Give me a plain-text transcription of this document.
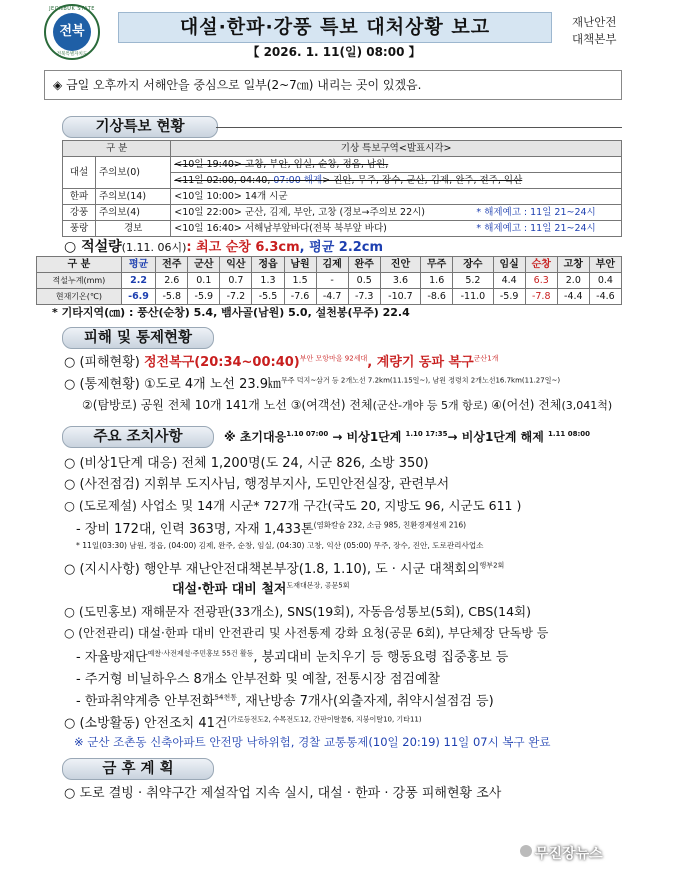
JEONBUK STATE
전북
전북특별자치도
대설·한파·강풍 특보 대처상황 보고
【 2026. 1. 11(일) 08:00 】
재난안전
대책본부
◈ 금일 오후까지 서해안을 중심으로 일부(2~7㎝) 내리는 곳이 있겠음.
기상특보 현황
구 분		기상 특보구역<발표시각>	
대설	주의보(0)	<10일 19:40> 고창, 부안, 임실, 순창, 정읍, 남원,	
		<11일 02:00, 04:40, 07:00 해제> 진안, 무주, 장수, 군산, 김제, 완주, 전주, 익산	
한파	주의보(14)	<10일 10:00> 14개 시군	
강풍	주의보(4)	<10일 22:00> 군산, 김제, 부안, 고창 (경보→주의보 22시)	* 해제예고 : 11일 21~24시
풍랑	경보	<10일 16:40> 서해남부앞바다(전북 북부앞 바다)	* 해제예고 : 11일 21~24시
○ 적설량(1.11. 06시): 최고 순창 6.3cm, 평균 2.2cm
구 분	평균	전주	군산	익산	정읍	남원	김제	완주	진안	무주	장수	임실	순창	고창	부안
적설누계(mm)	2.2	2.6	0.1	0.7	1.3	1.5	-	0.5	3.6	1.6	5.2	4.4	6.3	2.0	0.4
현재기온(℃)	-6.9	-5.8	-5.9	-7.2	-5.5	-7.6	-4.7	-7.3	-10.7	-8.6	-11.0	-5.9	-7.8	-4.4	-4.6
* 기타지역(㎝) : 풍산(순창) 5.4, 뱀사골(남원) 5.0, 설천봉(무주) 22.4
피해 및 통제현황
○ (피해현황) 정전복구(20:34~00:40)$^{부안 모항마을 92세대}$, 계량기 동파 복구$^{군산1개}$
○ (통제현황) ①도로 4개 노선 23.9㎞$^{무주 덕지\sim 삼거 등 2개노선 7.2km(11.15일\sim), 남원 정령치 2개노선16.7km(11.27일\sim)}$
②(탐방로) 공원 전체 10개 141개 노선 ③(여객선) 전체(군산-개야 등 5개 항로) ④(어선) 전체(3,041척)
주요 조치사항	※ 초기대응$^{1.10 07:00}$ → 비상1단계 $^{1.10 17:35}$→ 비상1단계 해제 $^{1.11 08:00}$
○ (비상1단계 대응) 전체 1,200명(도 24, 시군 826, 소방 350)
○ (사전점검) 지휘부 도지사님, 행정부지사, 도민안전실장, 관련부서
○ (도로제설) 사업소 및 14개 시군* 727개 구간(국도 20, 지방도 96, 시군도 611 )
- 장비 172대, 인력 363명, 자재 1,433톤$^{(염화칼슘 232, 소금 985, 친환경제설제 216)}$
* 11일(03:30) 남원, 정읍, (04:00) 김제, 완주, 순창, 임실, (04:30) 고창, 익산 (05:00) 무주, 장수, 진안, 도로관리사업소
○ (지시사항) 행안부 재난안전대책본부장(1.8, 1.10), 도 · 시군 대책회의$^{행부2회}$
대설·한파 대비 철저$^{도재대본장, 공문5회}$
○ (도민홍보) 재해문자 전광판(33개소), SNS(19회), 자동음성통보(5회), CBS(14회)
○ (안전관리) 대설·한파 대비 안전관리 및 사전통제 강화 요청(공문 6회), 부단체장 단독방 등
- 자율방재단$^{예찰\cdot 사전제설\cdot 주민홍보 55건 활동}$, 붕괴대비 눈치우기 등 행동요령 집중홍보 등
- 주거형 비닐하우스 8개소 안부전화 및 예찰, 전통시장 점검예찰
- 한파취약계층 안부전화$^{54천통}$, 재난방송 7개사(외출자제, 취약시설점검 등)
○ (소방활동) 안전조치 41건$^{(가로등전도2, 수목전도12, 간판이탈물6, 지붕이탈10, 기타11)}$
※ 군산 조촌동 신축아파트 안전망 낙하위험, 경찰 교통통제(10일 20:19) 11일 07시 복구 완료
금 후 계 획
○ 도로 결빙 · 취약구간 제설작업 지속 실시, 대설 · 한파 · 강풍 피해현황 조사
무진장뉴스
